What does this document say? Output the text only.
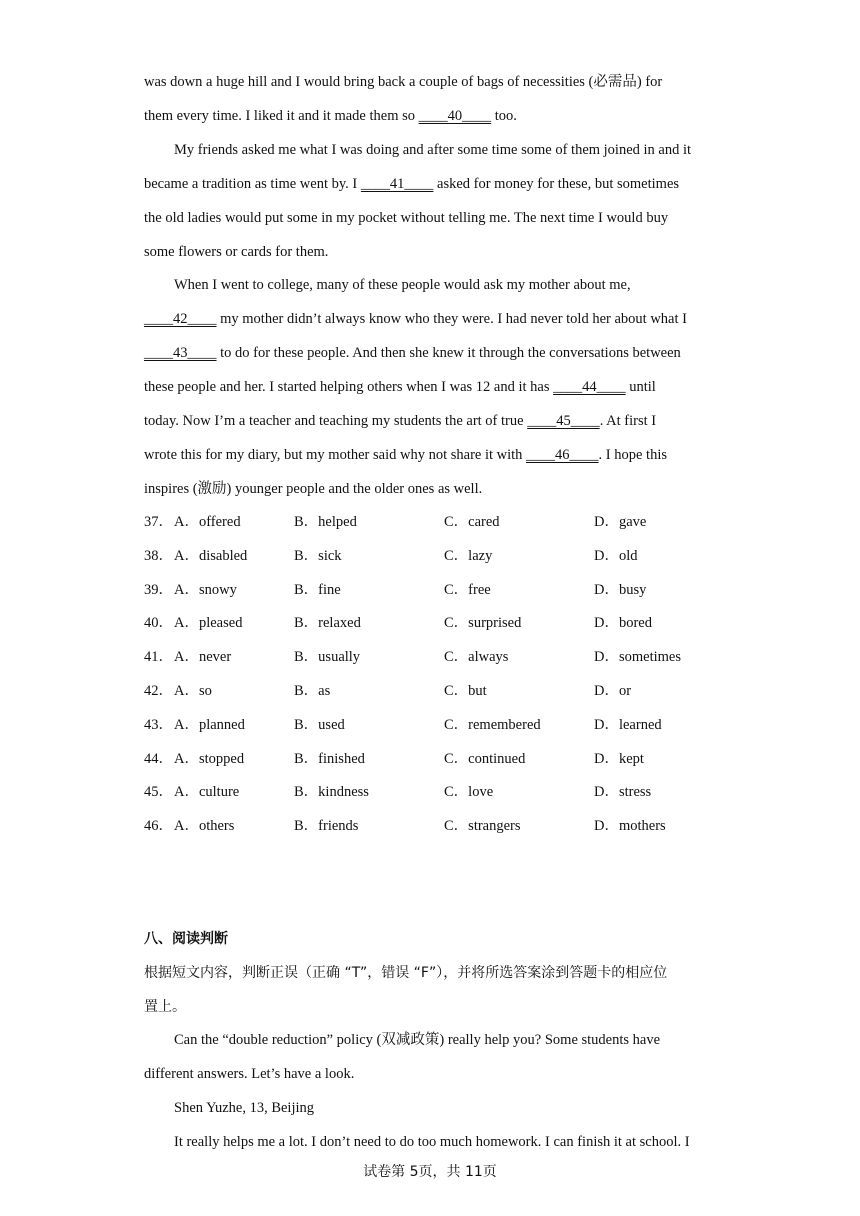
was down a huge hill and I would bring back a couple of bags of necessities (必需品) for
them every time. I liked it and it made them so ____40____ too.
My friends asked me what I was doing and after some time some of them joined in and it
became a tradition as time went by. I ____41____ asked for money for these, but sometimes
the old ladies would put some in my pocket without telling me. The next time I would buy
some flowers or cards for them.
When I went to college, many of these people would ask my mother about me,
____42____ my mother didn’t always know who they were. I had never told her about what I
____43____ to do for these people. And then she knew it through the conversations between
these people and her. I started helping others when I was 12 and it has ____44____ until
today. Now I’m a teacher and teaching my students the art of true ____45____. At first I
wrote this for my diary, but my mother said why not share it with ____46____. I hope this
inspires (激励) younger people and the older ones as well.
37． A．offered	B．helped	C．cared	D．gave
38． A．disabled	B．sick	C．lazy	D．old
39． A．snowy	B．fine	C．free	D．busy
40． A．pleased	B．relaxed	C．surprised	D．bored
41． A．never	B．usually	C．always	D．sometimes
42． A．so	B．as	C．but	D．or
43． A．planned	B．used	C．remembered	D．learned
44． A．stopped	B．finished	C．continued	D．kept
45． A．culture	B．kindness	C．love	D．stress
46． A．others	B．friends	C．strangers	D．mothers
八、阅读判断
根据短文内容，判断正误（正确 “T”，错误 “F”），并将所选答案涂到答题卡的相应位
置上。
Can the “double reduction” policy (双减政策) really help you? Some students have
different answers. Let’s have a look.
Shen Yuzhe, 13, Beijing
It really helps me a lot. I don’t need to do too much homework. I can finish it at school. I
试卷第 5页，共 11页
